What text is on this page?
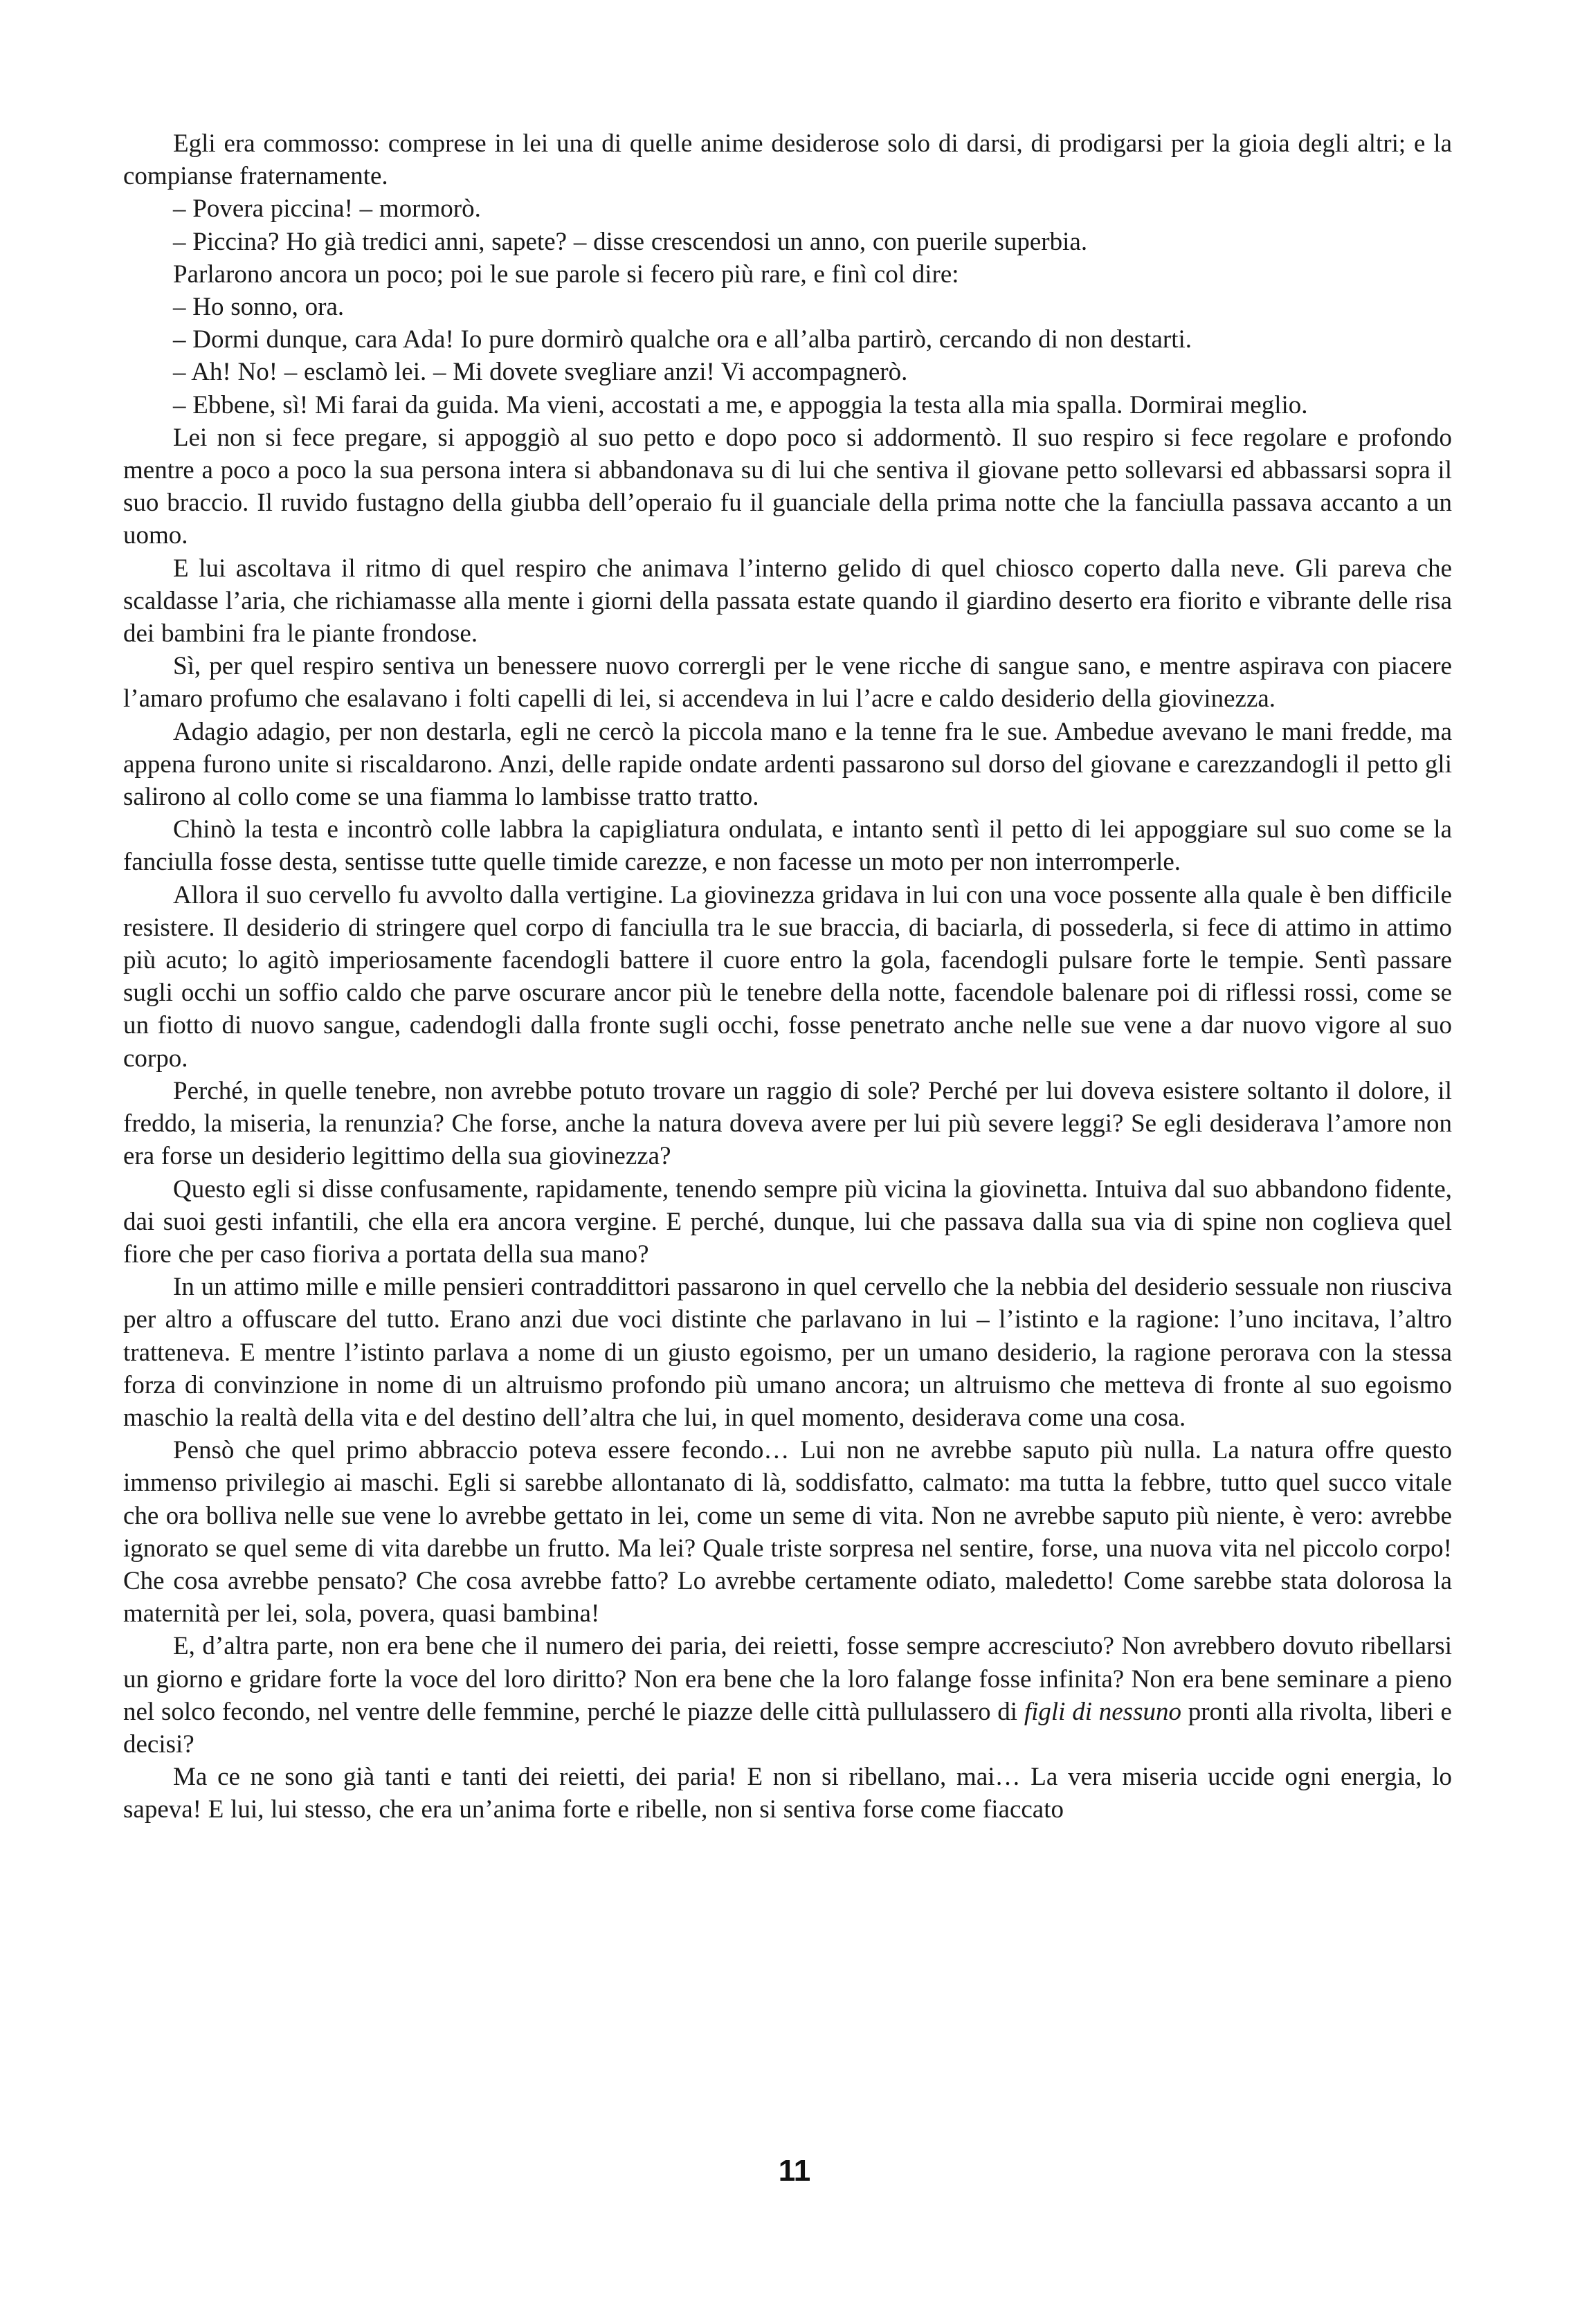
Egli era commosso: comprese in lei una di quelle anime desiderose solo di darsi, di prodigarsi per la gioia degli altri; e la compianse fraternamente.

– Povera piccina! – mormorò.

– Piccina? Ho già tredici anni, sapete? – disse crescendosi un anno, con puerile superbia.

Parlarono ancora un poco; poi le sue parole si fecero più rare, e finì col dire:

– Ho sonno, ora.

– Dormi dunque, cara Ada! Io pure dormirò qualche ora e all’alba partirò, cercando di non destarti.

– Ah! No! – esclamò lei. – Mi dovete svegliare anzi! Vi accompagnerò.

– Ebbene, sì! Mi farai da guida. Ma vieni, accostati a me, e appoggia la testa alla mia spalla. Dormirai meglio.

Lei non si fece pregare, si appoggiò al suo petto e dopo poco si addormentò. Il suo respiro si fece regolare e profondo mentre a poco a poco la sua persona intera si abbandonava su di lui che sentiva il giovane petto sollevarsi ed abbassarsi sopra il suo braccio. Il ruvido fustagno della giubba dell’operaio fu il guanciale della prima notte che la fanciulla passava accanto a un uomo.

E lui ascoltava il ritmo di quel respiro che animava l’interno gelido di quel chiosco coperto dalla neve. Gli pareva che scaldasse l’aria, che richiamasse alla mente i giorni della passata estate quando il giardino deserto era fiorito e vibrante delle risa dei bambini fra le piante frondose.

Sì, per quel respiro sentiva un benessere nuovo corrergli per le vene ricche di sangue sano, e mentre aspirava con piacere l’amaro profumo che esalavano i folti capelli di lei, si accendeva in lui l’acre e caldo desiderio della giovinezza.

Adagio adagio, per non destarla, egli ne cercò la piccola mano e la tenne fra le sue. Ambedue avevano le mani fredde, ma appena furono unite si riscaldarono. Anzi, delle rapide ondate ardenti passarono sul dorso del giovane e carezzandogli il petto gli salirono al collo come se una fiamma lo lambisse tratto tratto.

Chinò la testa e incontrò colle labbra la capigliatura ondulata, e intanto sentì il petto di lei appoggiare sul suo come se la fanciulla fosse desta, sentisse tutte quelle timide carezze, e non facesse un moto per non interromperle.

Allora il suo cervello fu avvolto dalla vertigine. La giovinezza gridava in lui con una voce possente alla quale è ben difficile resistere. Il desiderio di stringere quel corpo di fanciulla tra le sue braccia, di baciarla, di possederla, si fece di attimo in attimo più acuto; lo agitò imperiosamente facendogli battere il cuore entro la gola, facendogli pulsare forte le tempie. Sentì passare sugli occhi un soffio caldo che parve oscurare ancor più le tenebre della notte, facendole balenare poi di riflessi rossi, come se un fiotto di nuovo sangue, cadendogli dalla fronte sugli occhi, fosse penetrato anche nelle sue vene a dar nuovo vigore al suo corpo.

Perché, in quelle tenebre, non avrebbe potuto trovare un raggio di sole? Perché per lui doveva esistere soltanto il dolore, il freddo, la miseria, la renunzia? Che forse, anche la natura doveva avere per lui più severe leggi? Se egli desiderava l’amore non era forse un desiderio legittimo della sua giovinezza?

Questo egli si disse confusamente, rapidamente, tenendo sempre più vicina la giovinetta. Intuiva dal suo abbandono fidente, dai suoi gesti infantili, che ella era ancora vergine. E perché, dunque, lui che passava dalla sua via di spine non coglieva quel fiore che per caso fioriva a portata della sua mano?

In un attimo mille e mille pensieri contraddittori passarono in quel cervello che la nebbia del desiderio sessuale non riusciva per altro a offuscare del tutto. Erano anzi due voci distinte che parlavano in lui – l’istinto e la ragione: l’uno incitava, l’altro tratteneva. E mentre l’istinto parlava a nome di un giusto egoismo, per un umano desiderio, la ragione perorava con la stessa forza di convinzione in nome di un altruismo profondo più umano ancora; un altruismo che metteva di fronte al suo egoismo maschio la realtà della vita e del destino dell’altra che lui, in quel momento, desiderava come una cosa.

Pensò che quel primo abbraccio poteva essere fecondo… Lui non ne avrebbe saputo più nulla. La natura offre questo immenso privilegio ai maschi. Egli si sarebbe allontanato di là, soddisfatto, calmato: ma tutta la febbre, tutto quel succo vitale che ora bolliva nelle sue vene lo avrebbe gettato in lei, come un seme di vita. Non ne avrebbe saputo più niente, è vero: avrebbe ignorato se quel seme di vita darebbe un frutto. Ma lei? Quale triste sorpresa nel sentire, forse, una nuova vita nel piccolo corpo! Che cosa avrebbe pensato? Che cosa avrebbe fatto? Lo avrebbe certamente odiato, maledetto! Come sarebbe stata dolorosa la maternità per lei, sola, povera, quasi bambina!

E, d’altra parte, non era bene che il numero dei paria, dei reietti, fosse sempre accresciuto? Non avrebbero dovuto ribellarsi un giorno e gridare forte la voce del loro diritto? Non era bene che la loro falange fosse infinita? Non era bene seminare a pieno nel solco fecondo, nel ventre delle femmine, perché le piazze delle città pullulassero di figli di nessuno pronti alla rivolta, liberi e decisi?

Ma ce ne sono già tanti e tanti dei reietti, dei paria! E non si ribellano, mai… La vera miseria uccide ogni energia, lo sapeva! E lui, lui stesso, che era un’anima forte e ribelle, non si sentiva forse come fiaccato

11
